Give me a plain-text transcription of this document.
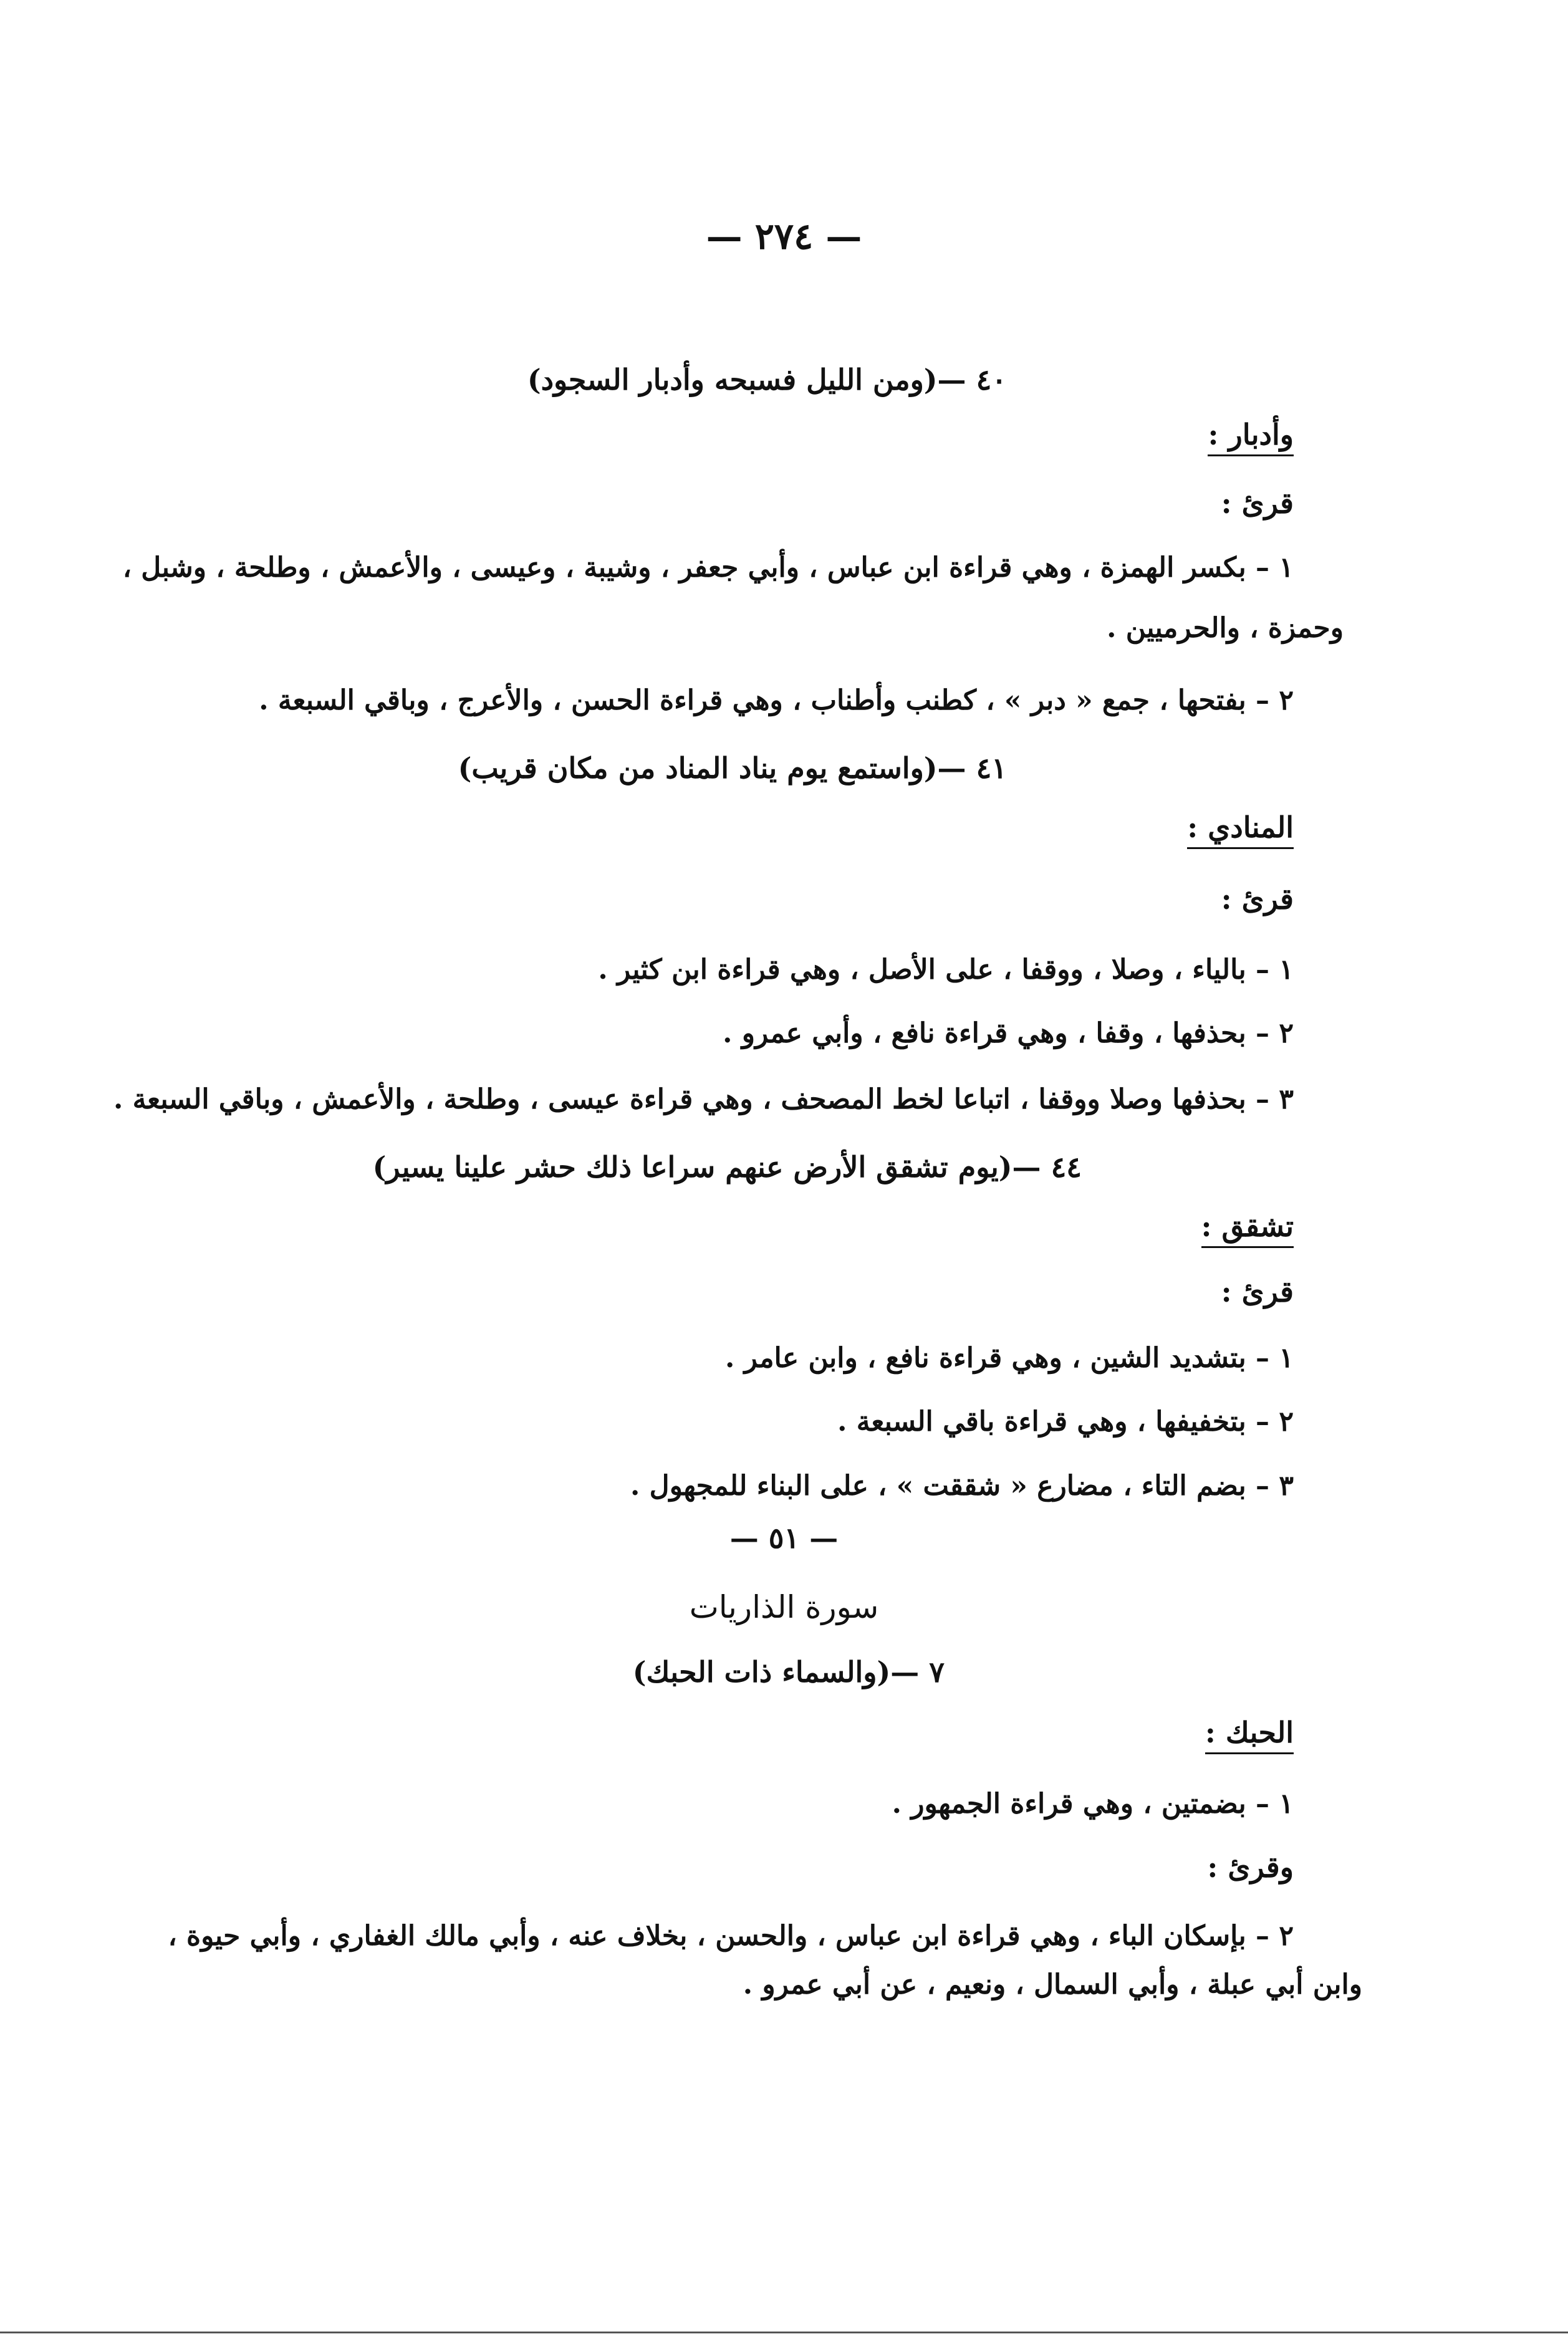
— ٢٧٤ —
٤٠ —(ومن الليل فسبحه وأدبار السجود)
وأدبار :
قرئ :
١ – بكسر الهمزة ، وهي قراءة ابن عباس ، وأبي جعفر ، وشيبة ، وعيسى ، والأعمش ، وطلحة ، وشبل ،
وحمزة ، والحرميين .
٢ – بفتحها ، جمع « دبر » ، كطنب وأطناب ، وهي قراءة الحسن ، والأعرج ، وباقي السبعة .
٤١ —(واستمع يوم يناد المناد من مكان قريب)
المنادي :
قرئ :
١ – بالياء ، وصلا ، ووقفا ، على الأصل ، وهي قراءة ابن كثير .
٢ – بحذفها ، وقفا ، وهي قراءة نافع ، وأبي عمرو .
٣ – بحذفها وصلا ووقفا ، اتباعا لخط المصحف ، وهي قراءة عيسى ، وطلحة ، والأعمش ، وباقي السبعة .
٤٤ —(يوم تشقق الأرض عنهم سراعا ذلك حشر علينا يسير)
تشقق :
قرئ :
١ – بتشديد الشين ، وهي قراءة نافع ، وابن عامر .
٢ – بتخفيفها ، وهي قراءة باقي السبعة .
٣ – بضم التاء ، مضارع « شققت » ، على البناء للمجهول .
— ٥١ —
سورة الذاريات
٧ —(والسماء ذات الحبك)
الحبك :
١ – بضمتين ، وهي قراءة الجمهور .
وقرئ :
٢ – بإسكان الباء ، وهي قراءة ابن عباس ، والحسن ، بخلاف عنه ، وأبي مالك الغفاري ، وأبي حيوة ،
وابن أبي عبلة ، وأبي السمال ، ونعيم ، عن أبي عمرو .
